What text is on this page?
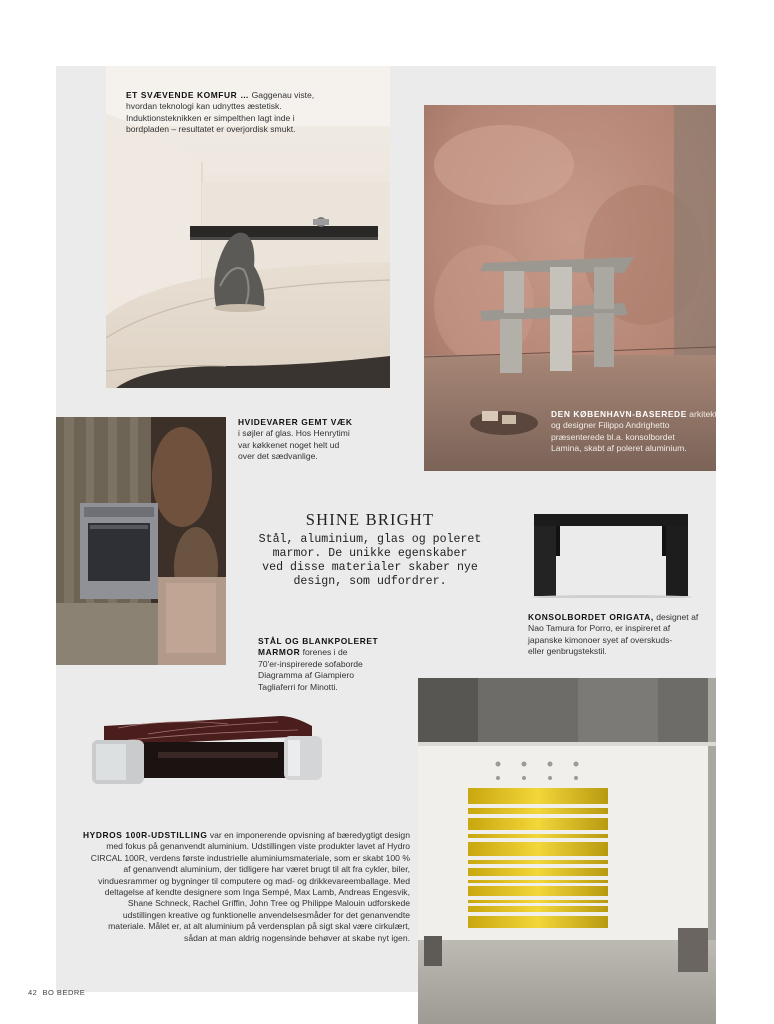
ET SVÆVENDE KOMFUR … Gaggenau viste,
hvordan teknologi kan udnyttes æstetisk.
Induktionsteknikken er simpelthen lagt inde i
bordpladen – resultatet er overjordisk smukt.
DEN KØBENHAVN-BASEREDE arkitekt
og designer Filippo Andrighetto
præsenterede bl.a. konsolbordet
Lamina, skabt af poleret aluminium.
HVIDEVARER GEMT VÆK
i søjler af glas. Hos Henrytimi
var køkkenet noget helt ud
over det sædvanlige.
SHINE BRIGHT

Stål, aluminium, glas og poleret
marmor. De unikke egenskaber
ved disse materialer skaber nye
design, som udfordrer.

KONSOLBORDET ORIGATA, designet af
Nao Tamura for Porro, er inspireret af
japanske kimonoer syet af overskuds-
eller genbrugstekstil.
STÅL OG BLANKPOLERET
MARMOR forenes i de
70'er-inspirerede sofaborde
Diagramma af Giampiero
Tagliaferri for Minotti.
HYDROS 100R-UDSTILLING var en imponerende opvisning af bæredygtigt design
med fokus på genanvendt aluminium. Udstillingen viste produkter lavet af Hydro
CIRCAL 100R, verdens første industrielle aluminiumsmateriale, som er skabt 100 %
af genanvendt aluminium, der tidligere har været brugt til alt fra cykler, biler,
vinduesrammer og bygninger til computere og mad- og drikkevareemballage. Med
deltagelse af kendte designere som Inga Sempé, Max Lamb, Andreas Engesvik,
Shane Schneck, Rachel Griffin, John Tree og Philippe Malouin udforskede
udstillingen kreative og funktionelle anvendelsesmåder for det genanvendte
materiale. Målet er, at alt aluminium på verdensplan på sigt skal være cirkulært,
sådan at man aldrig nogensinde behøver at skabe nyt igen.
42 BO BEDRE
